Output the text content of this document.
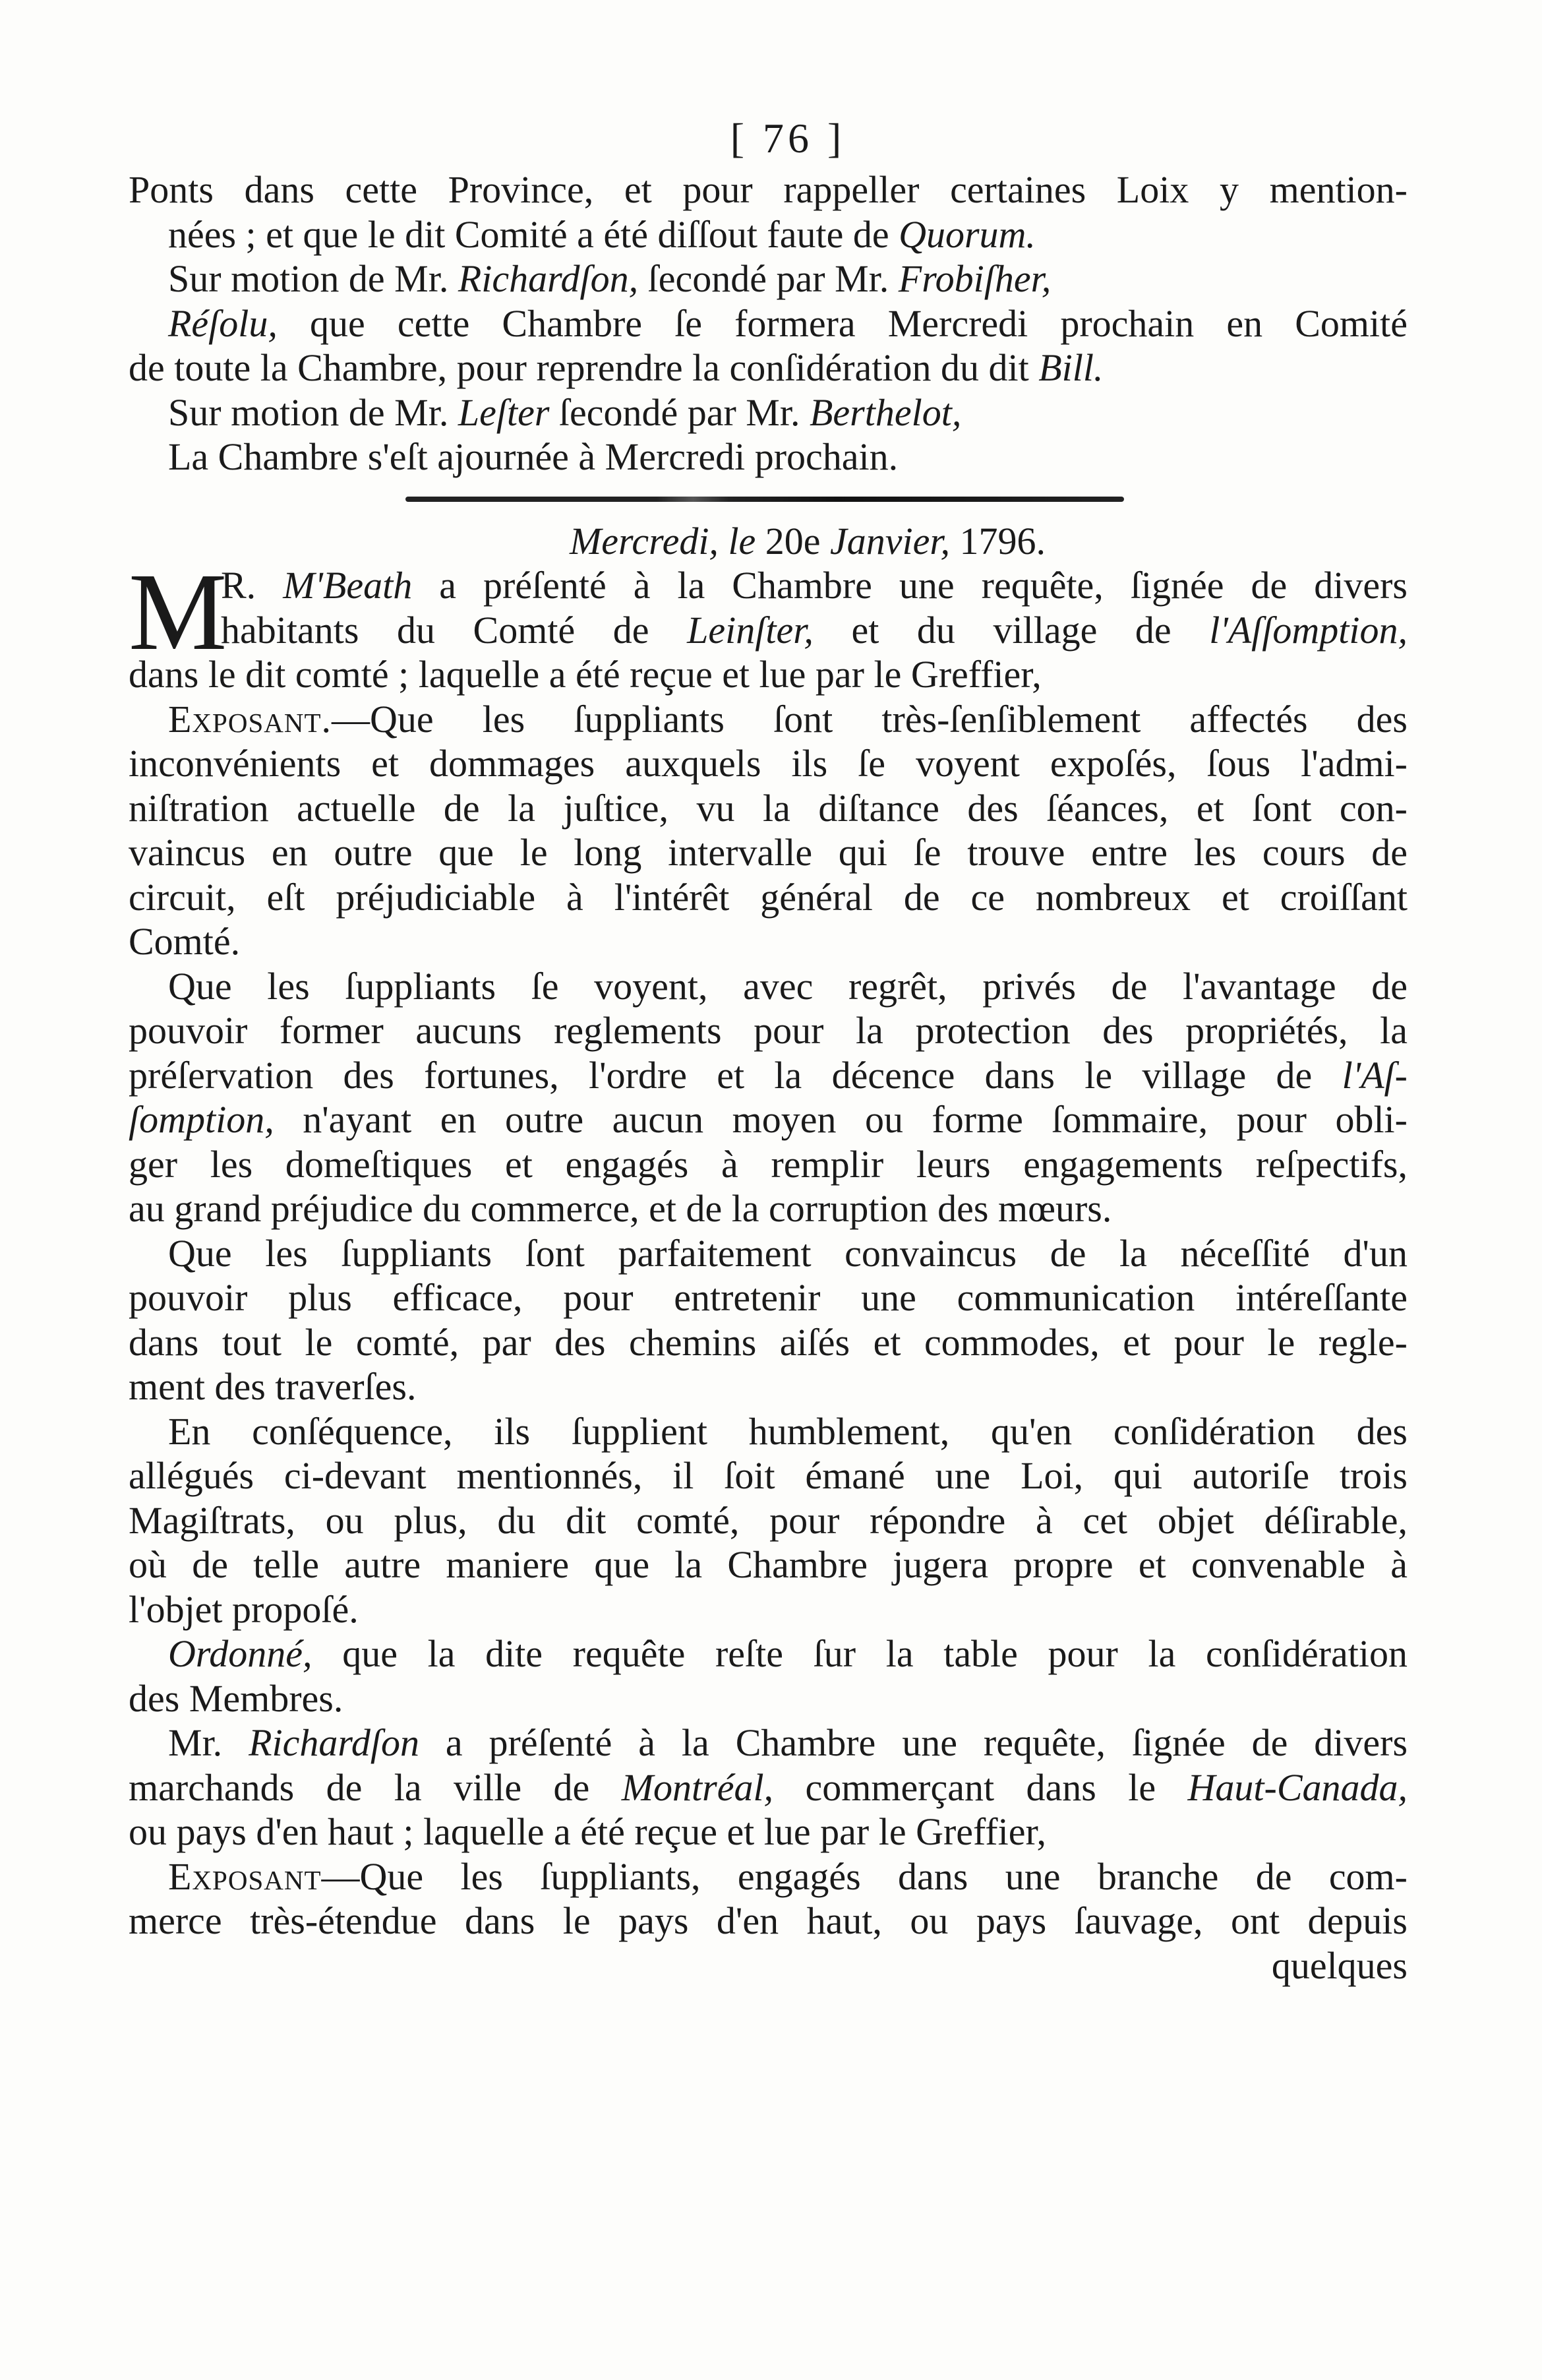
[ 76 ]
Ponts dans cette Province, et pour rappeller certaines Loix y mention-
nées ; et que le dit Comité a été diſſout faute de Quorum.
Sur motion de Mr. Richardſon, ſecondé par Mr. Frobiſher,
Réſolu, que cette Chambre ſe formera Mercredi prochain en Comité
de toute la Chambre, pour reprendre la conſidération du dit Bill.
Sur motion de Mr. Leſter ſecondé par Mr. Berthelot,
La Chambre s'eſt ajournée à Mercredi prochain.
Mercredi, le 20e Janvier, 1796.
M
R. M'Beath a préſenté à la Chambre une requête, ſignée de divers
habitants du Comté de Leinſter, et du village de l'Aſſomption,
dans le dit comté ; laquelle a été reçue et lue par le Greffier,
Exposant.—Que les ſuppliants ſont très-ſenſiblement affectés des
inconvénients et dommages auxquels ils ſe voyent expoſés, ſous l'admi-
niſtration actuelle de la juſtice, vu la diſtance des ſéances, et ſont con-
vaincus en outre que le long intervalle qui ſe trouve entre les cours de
circuit, eſt préjudiciable à l'intérêt général de ce nombreux et croiſſant
Comté.
Que les ſuppliants ſe voyent, avec regrêt, privés de l'avantage de
pouvoir former aucuns reglements pour la protection des propriétés, la
préſervation des fortunes, l'ordre et la décence dans le village de l'Aſ-
ſomption, n'ayant en outre aucun moyen ou forme ſommaire, pour obli-
ger les domeſtiques et engagés à remplir leurs engagements reſpectifs,
au grand préjudice du commerce, et de la corruption des mœurs.
Que les ſuppliants ſont parfaitement convaincus de la néceſſité d'un
pouvoir plus efficace, pour entretenir une communication intéreſſante
dans tout le comté, par des chemins aiſés et commodes, et pour le regle-
ment des traverſes.
En conſéquence, ils ſupplient humblement, qu'en conſidération des
allégués ci-devant mentionnés, il ſoit émané une Loi, qui autoriſe trois
Magiſtrats, ou plus, du dit comté, pour répondre à cet objet déſirable,
où de telle autre maniere que la Chambre jugera propre et convenable à
l'objet propoſé.
Ordonné, que la dite requête reſte ſur la table pour la conſidération
des Membres.
Mr. Richardſon a préſenté à la Chambre une requête, ſignée de divers
marchands de la ville de Montréal, commerçant dans le Haut-Canada,
ou pays d'en haut ; laquelle a été reçue et lue par le Greffier,
Exposant—Que les ſuppliants, engagés dans une branche de com-
merce très-étendue dans le pays d'en haut, ou pays ſauvage, ont depuis
quelques
